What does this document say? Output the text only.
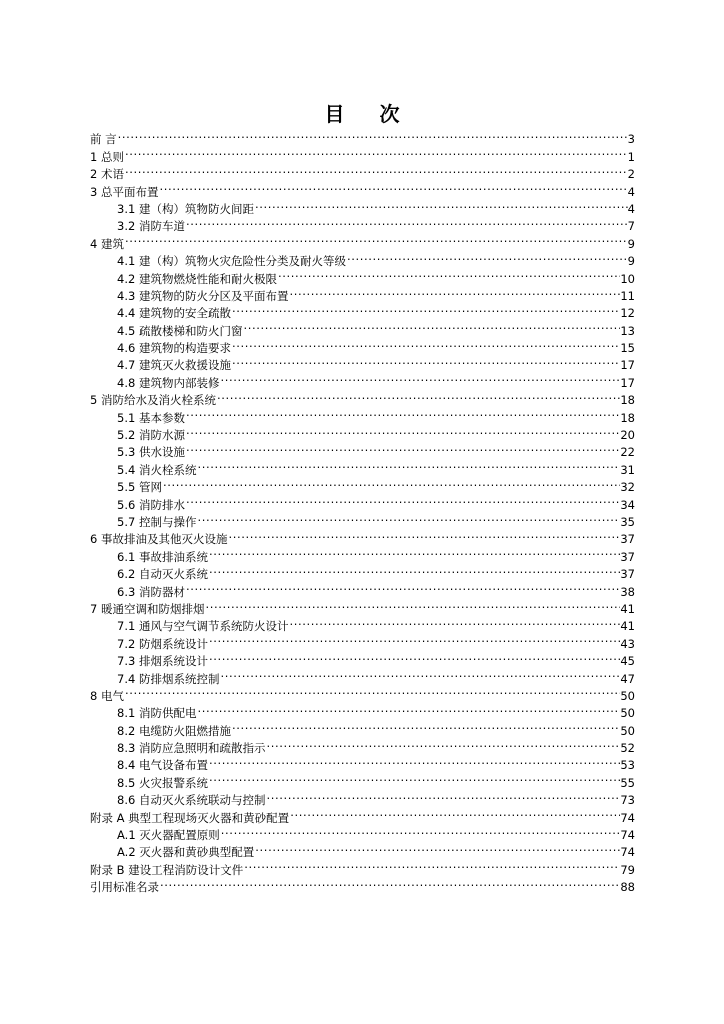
目 次
前 言 .....	3
1 总则 .....	1
2 术语 .....	2
3 总平面布置 .....	4
3.1 建（构）筑物防火间距 .....	4
3.2 消防车道 .....	7
4 建筑 .....	9
4.1 建（构）筑物火灾危险性分类及耐火等级 .....	9
4.2 建筑物燃烧性能和耐火极限 .....	10
4.3 建筑物的防火分区及平面布置 .....	11
4.4 建筑物的安全疏散 .....	12
4.5 疏散楼梯和防火门窗 .....	13
4.6 建筑物的构造要求 .....	15
4.7 建筑灭火救援设施 .....	17
4.8 建筑物内部装修 .....	17
5 消防给水及消火栓系统 .....	18
5.1 基本参数 .....	18
5.2 消防水源 .....	20
5.3 供水设施 .....	22
5.4 消火栓系统 .....	31
5.5 管网 .....	32
5.6 消防排水 .....	34
5.7 控制与操作 .....	35
6 事故排油及其他灭火设施 .....	37
6.1 事故排油系统 .....	37
6.2 自动灭火系统 .....	37
6.3 消防器材 .....	38
7 暖通空调和防烟排烟 .....	41
7.1 通风与空气调节系统防火设计 .....	41
7.2 防烟系统设计 .....	43
7.3 排烟系统设计 .....	45
7.4 防排烟系统控制 .....	47
8 电气 .....	50
8.1 消防供配电 .....	50
8.2 电缆防火阻燃措施 .....	50
8.3 消防应急照明和疏散指示 .....	52
8.4 电气设备布置 .....	53
8.5 火灾报警系统 .....	55
8.6 自动灭火系统联动与控制 .....	73
附录 A 典型工程现场灭火器和黄砂配置 .....	74
A.1 灭火器配置原则 .....	74
A.2 灭火器和黄砂典型配置 .....	74
附录 B 建设工程消防设计文件 .....	79
引用标准名录 .....	88
